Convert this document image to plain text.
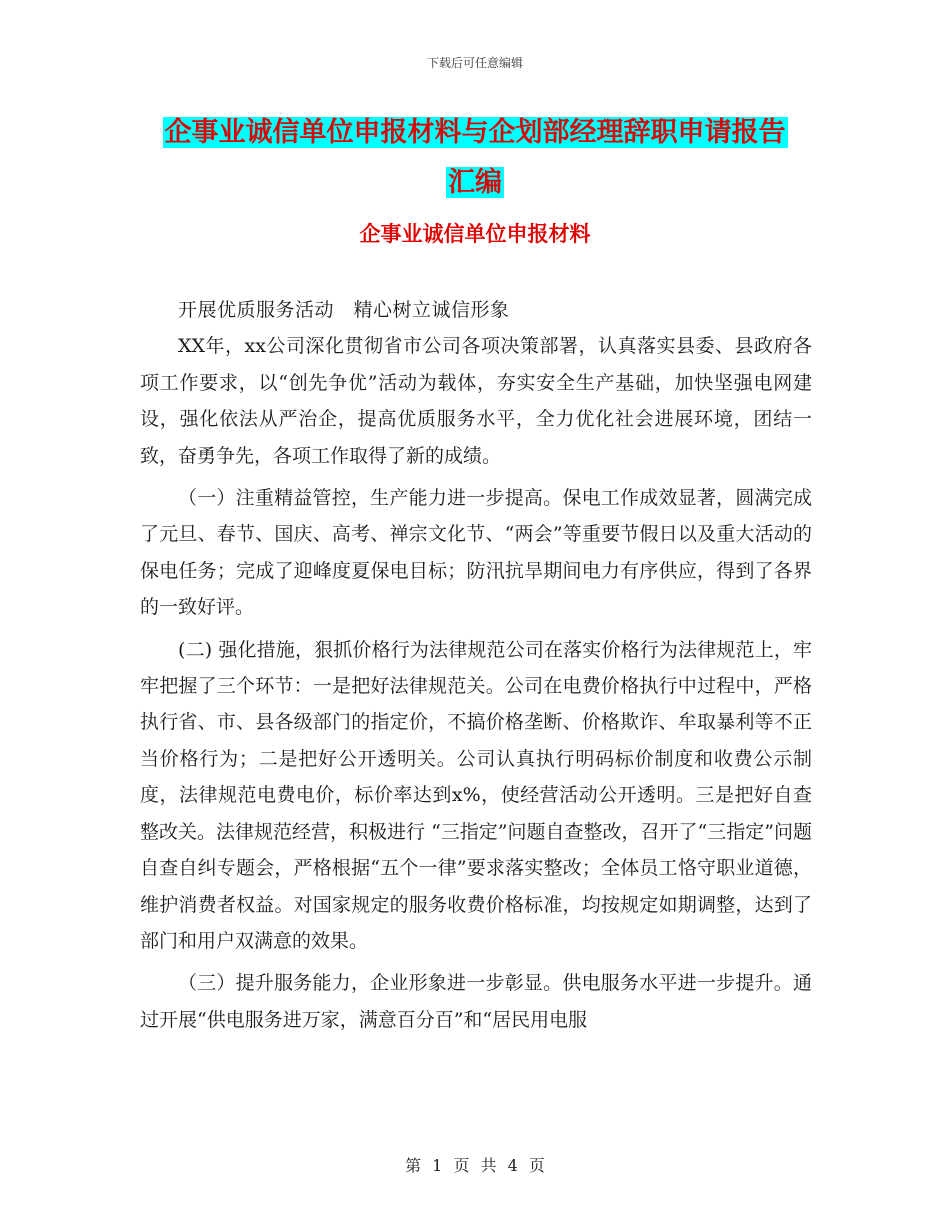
下载后可任意编辑
企事业诚信单位申报材料与企划部经理辞职申请报告
汇编
企事业诚信单位申报材料

开展优质服务活动　精心树立诚信形象

XX年，xx公司深化贯彻省市公司各项决策部署，认真落实县委、县政府各项工作要求，以“创先争优”活动为载体，夯实安全生产基础，加快坚强电网建设，强化依法从严治企，提高优质服务水平，全力优化社会进展环境，团结一致，奋勇争先，各项工作取得了新的成绩。

（一）注重精益管控，生产能力进一步提高。保电工作成效显著，圆满完成了元旦、春节、国庆、高考、禅宗文化节、“两会”等重要节假日以及重大活动的保电任务；完成了迎峰度夏保电目标；防汛抗旱期间电力有序供应，得到了各界的一致好评。

(二) 强化措施，狠抓价格行为法律规范公司在落实价格行为法律规范上，牢牢把握了三个环节：一是把好法律规范关。公司在电费价格执行中过程中，严格执行省、市、县各级部门的指定价，不搞价格垄断、价格欺诈、牟取暴利等不正当价格行为；二是把好公开透明关。公司认真执行明码标价制度和收费公示制度，法律规范电费电价，标价率达到x%，使经营活动公开透明。三是把好自查整改关。法律规范经营，积极进行 “三指定”问题自查整改，召开了“三指定”问题自查自纠专题会，严格根据“五个一律”要求落实整改；全体员工恪守职业道德，维护消费者权益。对国家规定的服务收费价格标准，均按规定如期调整，达到了部门和用户双满意的效果。

（三）提升服务能力，企业形象进一步彰显。供电服务水平进一步提升。通过开展“供电服务进万家，满意百分百”和“居民用电服

第 1 页 共 4 页
